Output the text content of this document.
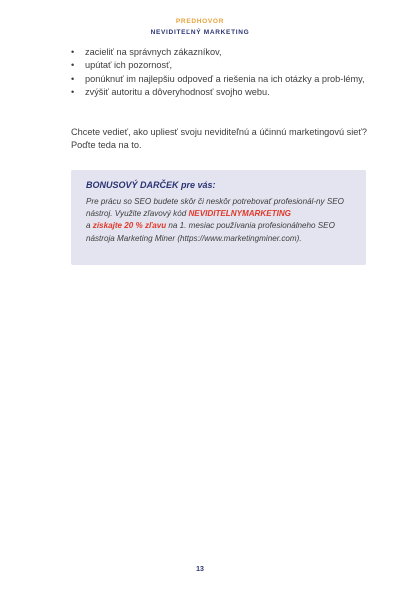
PREDHOVOR
NEVIDITEĽNÝ MARKETING
• zacieliť na správnych zákazníkov,
• upútať ich pozornosť,
• ponúknuť im najlepšiu odpoveď a riešenia na ich otázky a prob-lémy,
• zvýšiť autoritu a dôveryhodnosť svojho webu.

Chcete vedieť, ako upliesť svoju neviditeľnú a účinnú marketingovú sieť? Poďte teda na to.

BONUSOVÝ DARČEK pre vás:

Pre prácu so SEO budete skôr či neskôr potrebovať profesionál-ny SEO nástroj. Využite zľavový kód NEVIDITELNYMARKETING
a získajte 20 % zľavu na 1. mesiac používania profesionálneho SEO nástroja Marketing Miner (https://www.marketingminer.com).

13
